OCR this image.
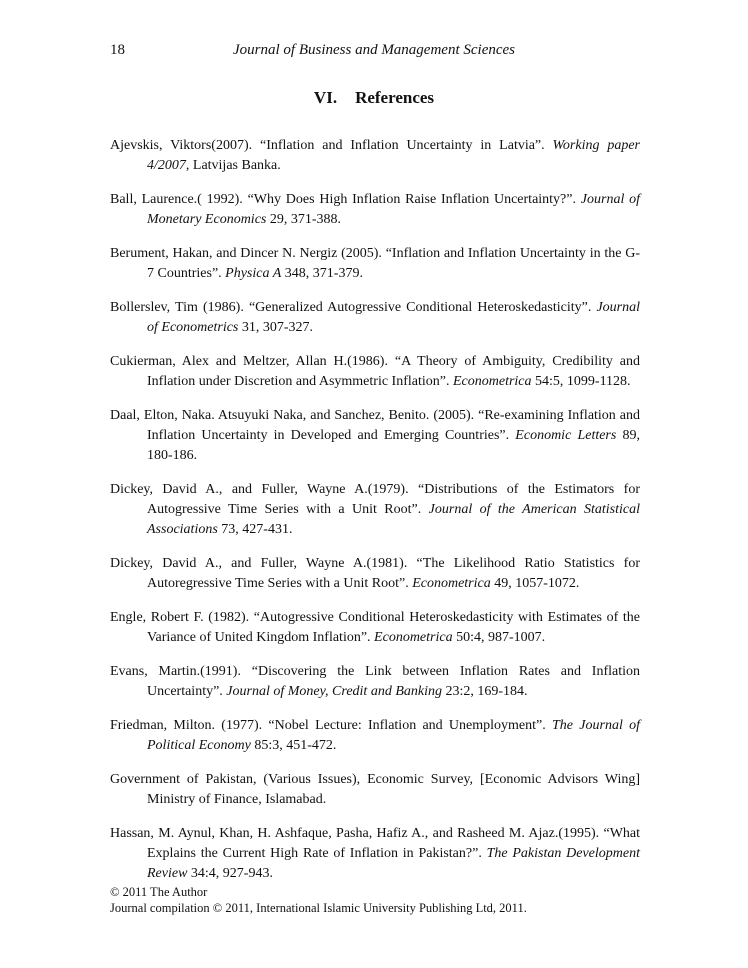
18	Journal of Business and Management Sciences
VI. References

Ajevskis, Viktors(2007). “Inflation and Inflation Uncertainty in Latvia”. Working paper 4/2007, Latvijas Banka.

Ball, Laurence.( 1992). “Why Does High Inflation Raise Inflation Uncertainty?”. Journal of Monetary Economics 29, 371-388.

Berument, Hakan, and Dincer N. Nergiz (2005). “Inflation and Inflation Uncertainty in the G-7 Countries”. Physica A 348, 371-379.

Bollerslev, Tim (1986). “Generalized Autogressive Conditional Heteroskedasticity”. Journal of Econometrics 31, 307-327.

Cukierman, Alex and Meltzer, Allan H.(1986). “A Theory of Ambiguity, Credibility and Inflation under Discretion and Asymmetric Inflation”. Econometrica 54:5, 1099-1128.

Daal, Elton, Naka. Atsuyuki Naka, and Sanchez, Benito. (2005). “Re-examining Inflation and Inflation Uncertainty in Developed and Emerging Countries”. Economic Letters 89, 180-186.

Dickey, David A., and Fuller, Wayne A.(1979). “Distributions of the Estimators for Autogressive Time Series with a Unit Root”. Journal of the American Statistical Associations 73, 427-431.

Dickey, David A., and Fuller, Wayne A.(1981). “The Likelihood Ratio Statistics for Autoregressive Time Series with a Unit Root”. Econometrica 49, 1057-1072.

Engle, Robert F. (1982). “Autogressive Conditional Heteroskedasticity with Estimates of the Variance of United Kingdom Inflation”. Econometrica 50:4, 987-1007.

Evans, Martin.(1991). “Discovering the Link between Inflation Rates and Inflation Uncertainty”. Journal of Money, Credit and Banking 23:2, 169-184.

Friedman, Milton. (1977). “Nobel Lecture: Inflation and Unemployment”. The Journal of Political Economy 85:3, 451-472.

Government of Pakistan, (Various Issues), Economic Survey, [Economic Advisors Wing] Ministry of Finance, Islamabad.

Hassan, M. Aynul, Khan, H. Ashfaque, Pasha, Hafiz A., and Rasheed M. Ajaz.(1995). “What Explains the Current High Rate of Inflation in Pakistan?”. The Pakistan Development Review 34:4, 927-943.

© 2011 The Author
Journal compilation © 2011, International Islamic University Publishing Ltd, 2011.
